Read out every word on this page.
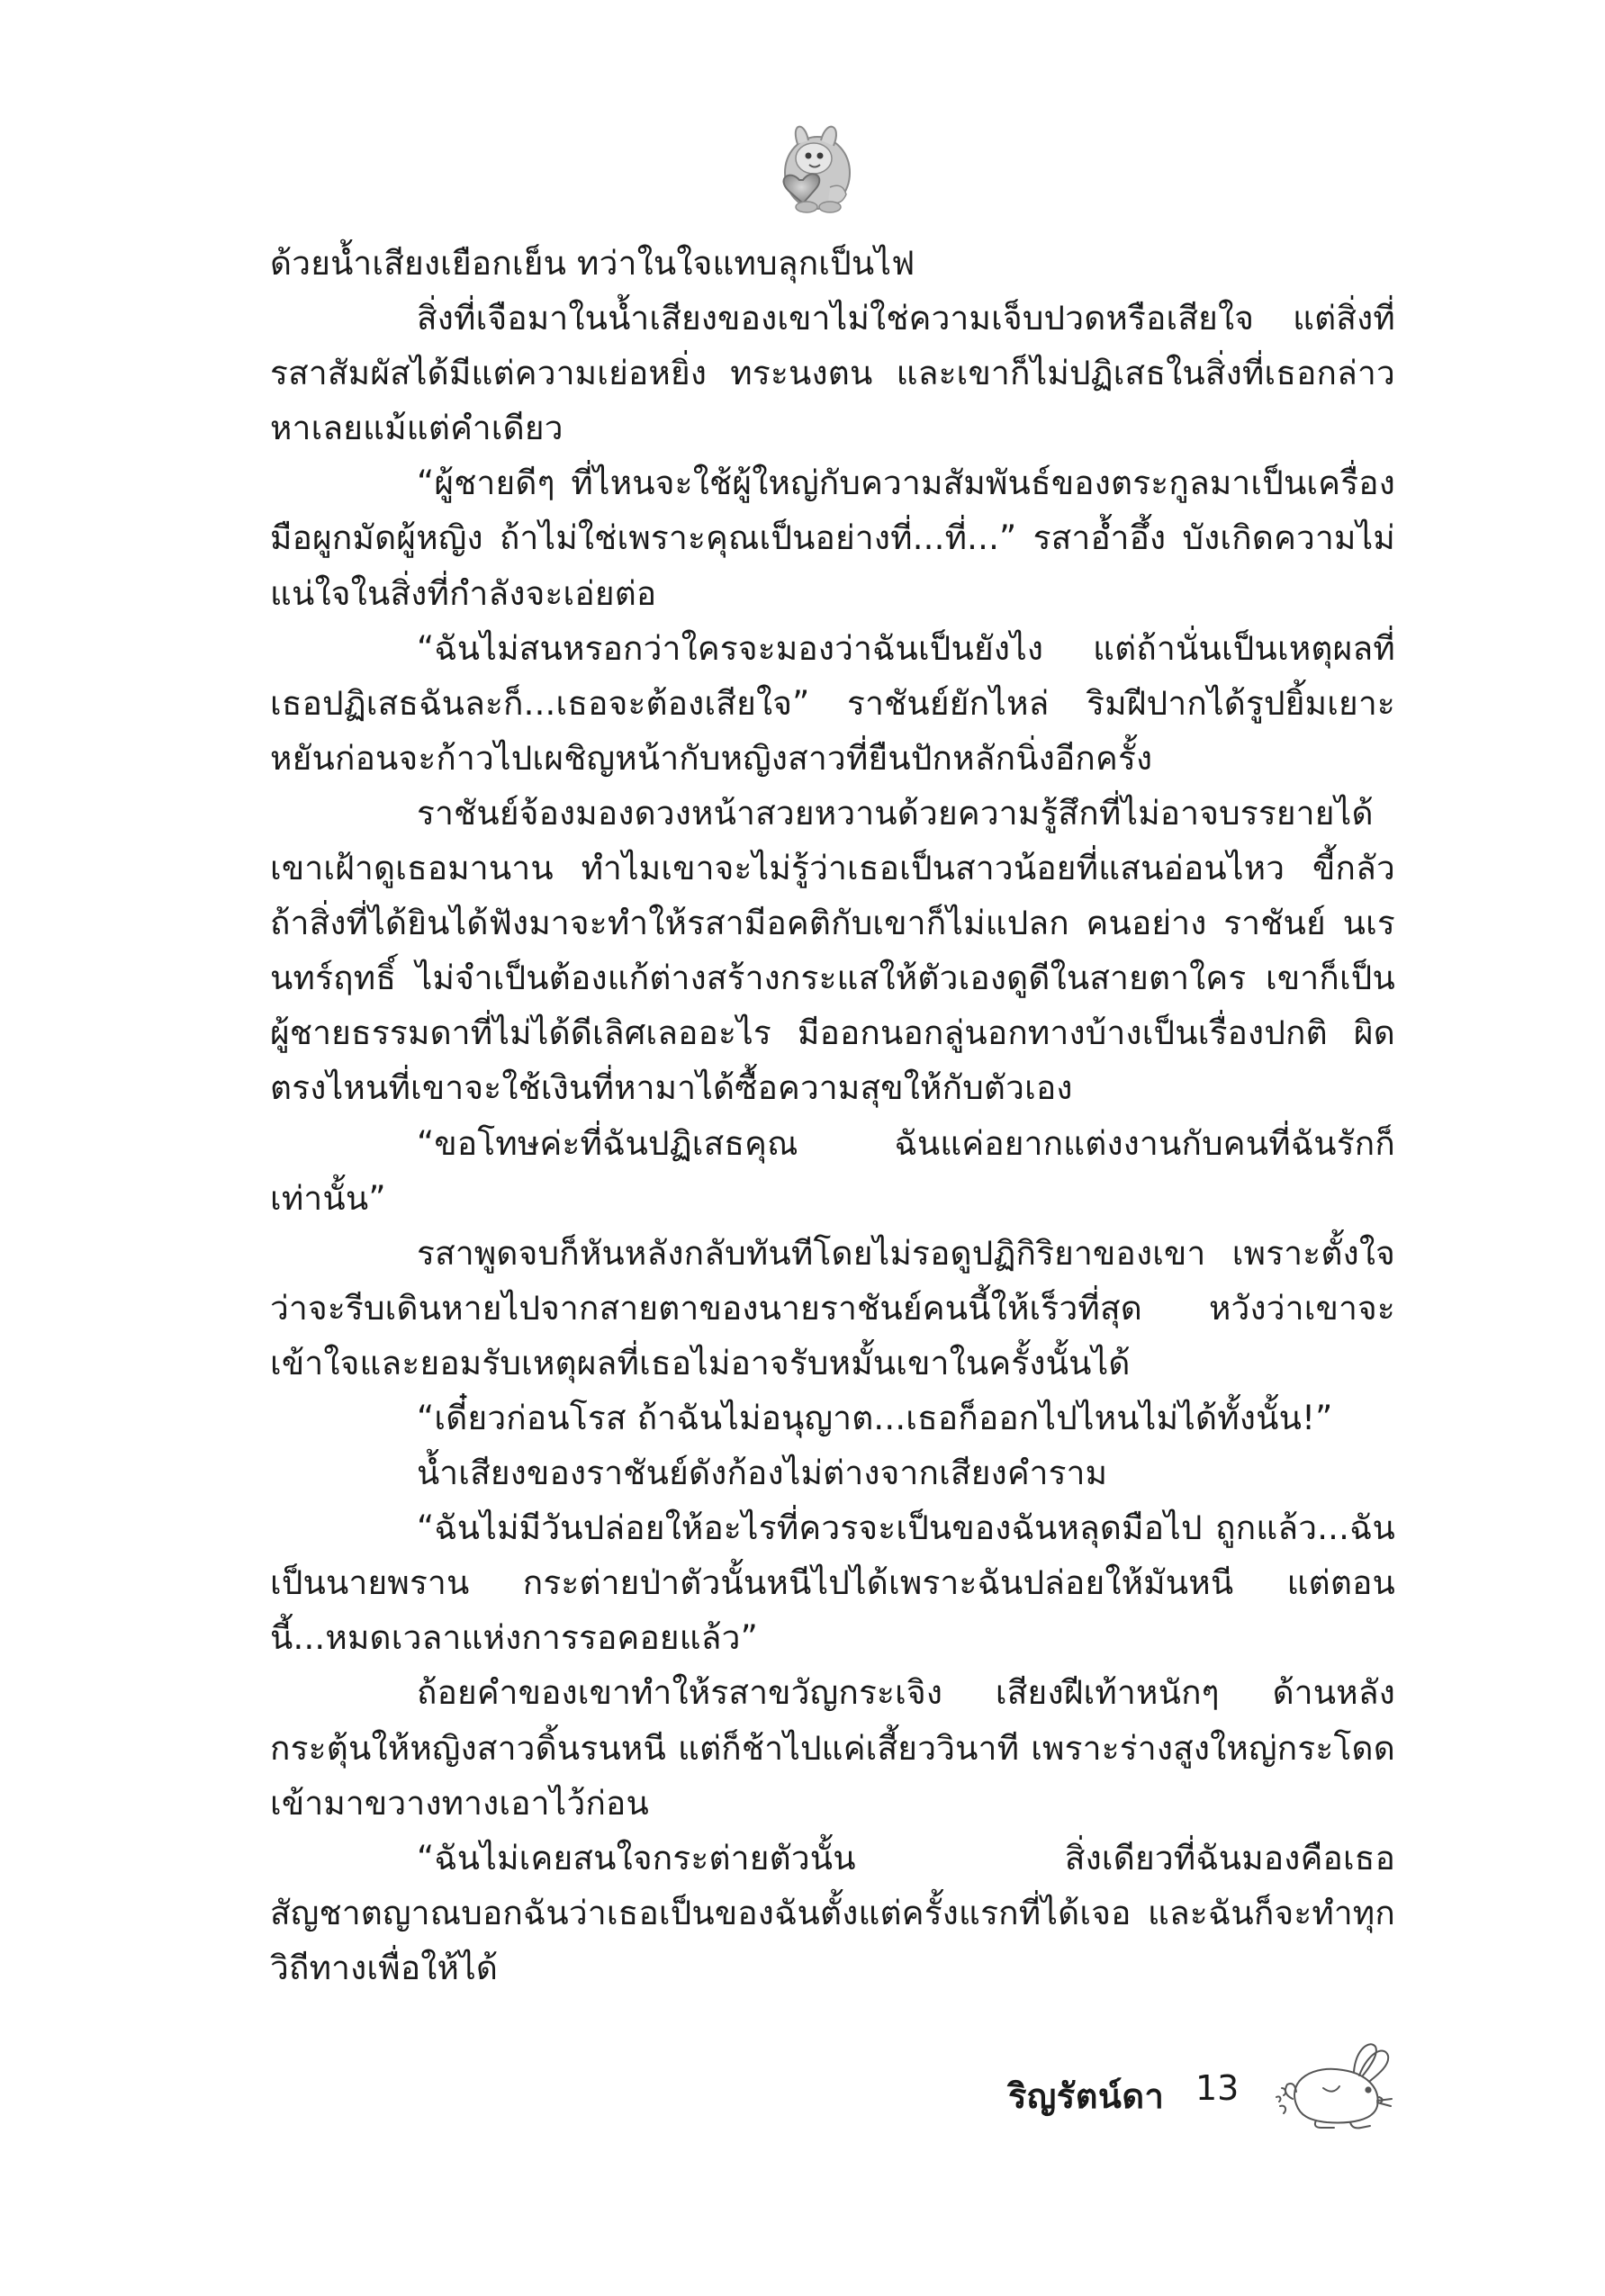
ด้วยน้ำเสียงเยือกเย็น ทว่าในใจแทบลุกเป็นไฟ

สิ่งที่เจือมาในน้ำเสียงของเขาไม่ใช่ความเจ็บปวดหรือเสียใจ แต่สิ่งที่รสาสัมผัสได้มีแต่ความเย่อหยิ่ง ทระนงตน และเขาก็ไม่ปฏิเสธในสิ่งที่เธอกล่าวหาเลยแม้แต่คำเดียว

“ผู้ชายดีๆ ที่ไหนจะใช้ผู้ใหญ่กับความสัมพันธ์ของตระกูลมาเป็นเครื่องมือผูกมัดผู้หญิง ถ้าไม่ใช่เพราะคุณเป็นอย่างที่...ที่...” รสาอ้ำอึ้ง บังเกิดความไม่แน่ใจในสิ่งที่กำลังจะเอ่ยต่อ

“ฉันไม่สนหรอกว่าใครจะมองว่าฉันเป็นยังไง แต่ถ้านั่นเป็นเหตุผลที่เธอปฏิเสธฉันละก็...เธอจะต้องเสียใจ” ราชันย์ยักไหล่ ริมฝีปากได้รูปยิ้มเยาะหยันก่อนจะก้าวไปเผชิญหน้ากับหญิงสาวที่ยืนปักหลักนิ่งอีกครั้ง

ราชันย์จ้องมองดวงหน้าสวยหวานด้วยความรู้สึกที่ไม่อาจบรรยายได้ เขาเฝ้าดูเธอมานาน ทำไมเขาจะไม่รู้ว่าเธอเป็นสาวน้อยที่แสนอ่อนไหว ขี้กลัว ถ้าสิ่งที่ได้ยินได้ฟังมาจะทำให้รสามีอคติกับเขาก็ไม่แปลก คนอย่าง ราชันย์ นเรนทร์ฤทธิ์ ไม่จำเป็นต้องแก้ต่างสร้างกระแสให้ตัวเองดูดีในสายตาใคร เขาก็เป็นผู้ชายธรรมดาที่ไม่ได้ดีเลิศเลออะไร มีออกนอกลู่นอกทางบ้างเป็นเรื่องปกติ ผิดตรงไหนที่เขาจะใช้เงินที่หามาได้ซื้อความสุขให้กับตัวเอง

“ขอโทษค่ะที่ฉันปฏิเสธคุณ ฉันแค่อยากแต่งงานกับคนที่ฉันรักก็เท่านั้น”

รสาพูดจบก็หันหลังกลับทันทีโดยไม่รอดูปฏิกิริยาของเขา เพราะตั้งใจว่าจะรีบเดินหายไปจากสายตาของนายราชันย์คนนี้ให้เร็วที่สุด หวังว่าเขาจะเข้าใจและยอมรับเหตุผลที่เธอไม่อาจรับหมั้นเขาในครั้งนั้นได้

“เดี๋ยวก่อนโรส ถ้าฉันไม่อนุญาต...เธอก็ออกไปไหนไม่ได้ทั้งนั้น!”

น้ำเสียงของราชันย์ดังก้องไม่ต่างจากเสียงคำราม

“ฉันไม่มีวันปล่อยให้อะไรที่ควรจะเป็นของฉันหลุดมือไป ถูกแล้ว...ฉันเป็นนายพราน กระต่ายป่าตัวนั้นหนีไปได้เพราะฉันปล่อยให้มันหนี แต่ตอนนี้...หมดเวลาแห่งการรอคอยแล้ว”

ถ้อยคำของเขาทำให้รสาขวัญกระเจิง เสียงฝีเท้าหนักๆ ด้านหลังกระตุ้นให้หญิงสาวดิ้นรนหนี แต่ก็ช้าไปแค่เสี้ยววินาที เพราะร่างสูงใหญ่กระโดดเข้ามาขวางทางเอาไว้ก่อน

“ฉันไม่เคยสนใจกระต่ายตัวนั้น สิ่งเดียวที่ฉันมองคือเธอ สัญชาตญาณบอกฉันว่าเธอเป็นของฉันตั้งแต่ครั้งแรกที่ได้เจอ และฉันก็จะทำทุกวิถีทางเพื่อให้ได้

ริญรัตน์ดา 13
